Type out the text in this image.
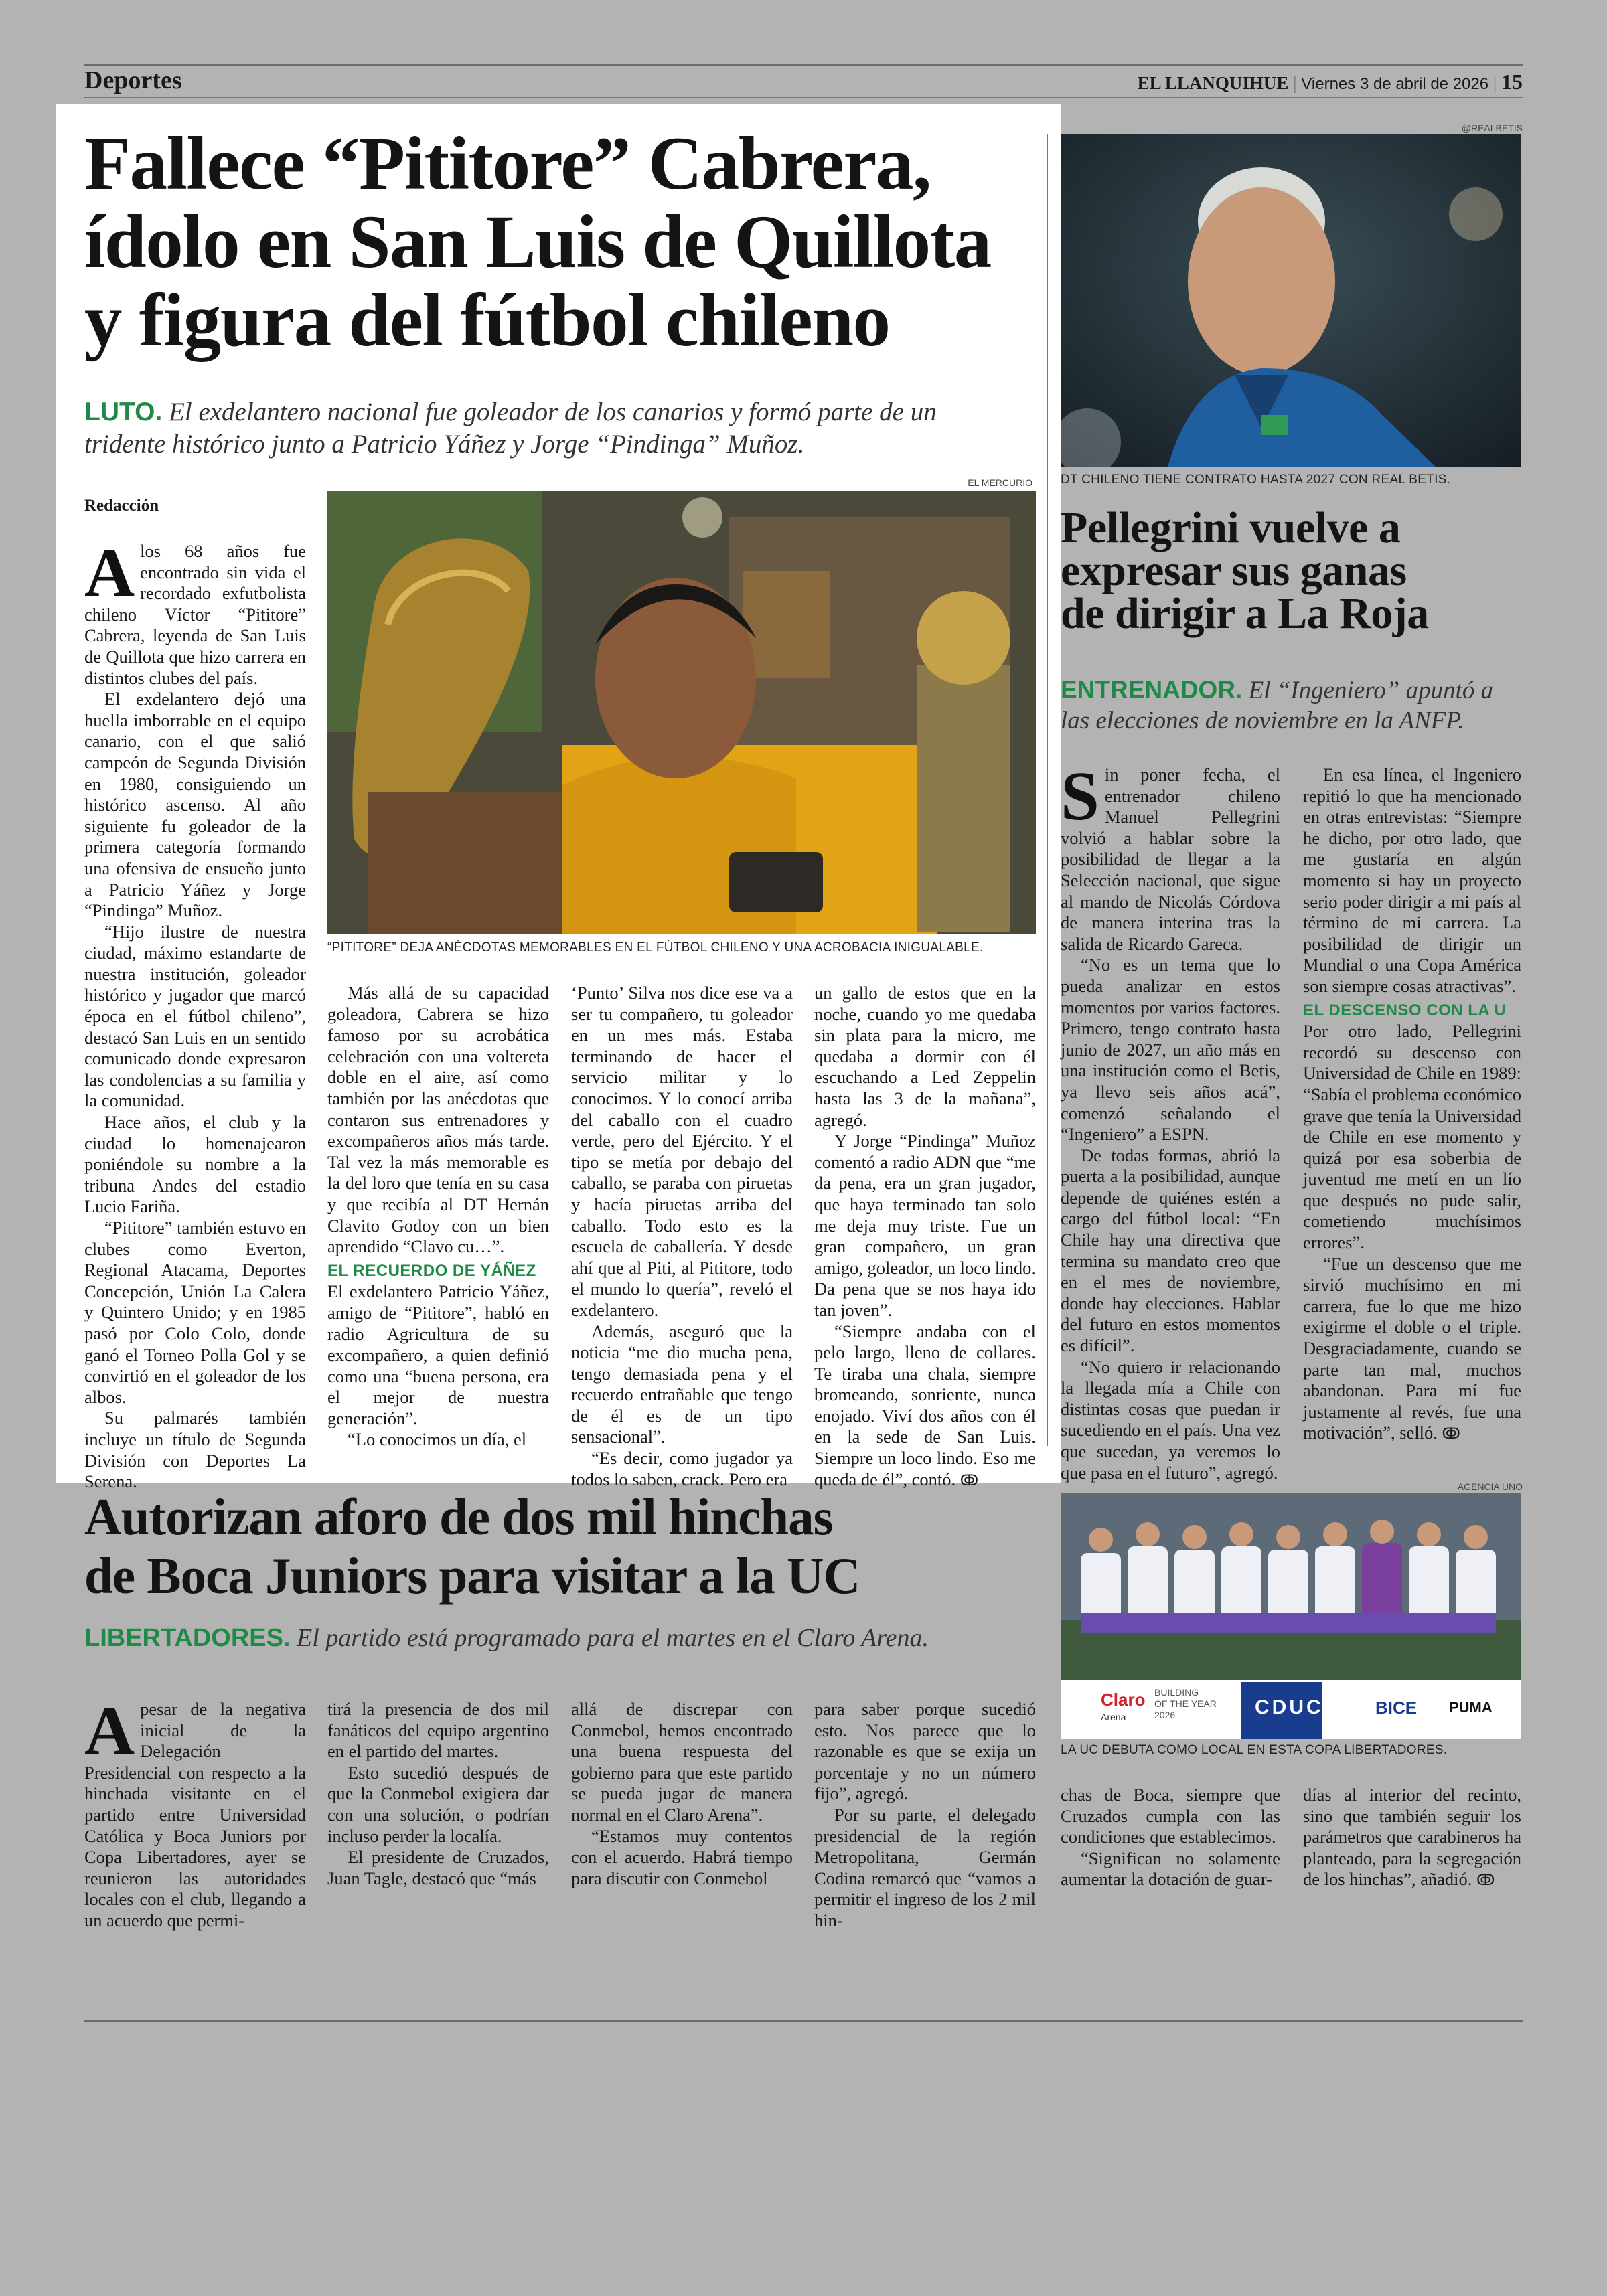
Deportes	EL LLANQUIHUE | Viernes 3 de abril de 2026 | 15
Fallece “Pititore” Cabrera,
ídolo en San Luis de Quillota
y figura del fútbol chileno
LUTO. El exdelantero nacional fue goleador de los canarios y formó parte de un
tridente histórico junto a Patricio Yáñez y Jorge “Pindinga” Muñoz.
Redacción
EL MERCURIO
“PITITORE” DEJA ANÉCDOTAS MEMORABLES EN EL FÚTBOL CHILENO Y UNA ACROBACIA INIGUALABLE.

Alos 68 años fue encontrado sin vida el recordado exfutbolista chileno Víctor “Pititore” Cabrera, leyenda de San Luis de Quillota que hizo carrera en distintos clubes del país.

El exdelantero dejó una huella imborrable en el equipo canario, con el que salió campeón de Segunda División en 1980, consiguiendo un histórico ascenso. Al año siguiente fu goleador de la primera categoría formando una ofensiva de ensueño junto a Patricio Yáñez y Jorge “Pindinga” Muñoz.

“Hijo ilustre de nuestra ciudad, máximo estandarte de nuestra institución, goleador histórico y jugador que marcó época en el fútbol chileno”, destacó San Luis en un sentido comunicado donde expresaron las condolencias a su familia y la comunidad.

Hace años, el club y la ciudad lo homenajearon poniéndole su nombre a la tribuna Andes del estadio Lucio Fariña.

“Pititore” también estuvo en clubes como Everton, Regional Atacama, Deportes Concepción, Unión La Calera y Quintero Unido; y en 1985 pasó por Colo Colo, donde ganó el Torneo Polla Gol y se convirtió en el goleador de los albos.

Su palmarés también incluye un título de Segunda División con Deportes La Serena.

Más allá de su capacidad goleadora, Cabrera se hizo famoso por su acrobática celebración con una voltereta doble en el aire, así como también por las anécdotas que contaron sus entrenadores y excompañeros años más tarde. Tal vez la más memorable es la del loro que tenía en su casa y que recibía al DT Hernán Clavito Godoy con un bien aprendido “Clavo cu…”.

EL RECUERDO DE YÁÑEZ

El exdelantero Patricio Yáñez, amigo de “Pititore”, habló en radio Agricultura de su excompañero, a quien definió como una “buena persona, era el mejor de nuestra generación”.

“Lo conocimos un día, el

‘Punto’ Silva nos dice ese va a ser tu compañero, tu goleador en un mes más. Estaba terminando de hacer el servicio militar y lo conocimos. Y lo conocí arriba del caballo con el cuadro verde, pero del Ejército. Y el tipo se metía por debajo del caballo, se paraba con piruetas y hacía piruetas arriba del caballo. Todo esto es la escuela de caballería. Y desde ahí que al Piti, al Pititore, todo el mundo lo quería”, reveló el exdelantero.

Además, aseguró que la noticia “me dio mucha pena, tengo demasiada pena y el recuerdo entrañable que tengo de él es de un tipo sensacional”.

“Es decir, como jugador ya todos lo saben, crack. Pero era

un gallo de estos que en la noche, cuando yo me quedaba sin plata para la micro, me quedaba a dormir con él escuchando a Led Zeppelin hasta las 3 de la mañana”, agregó.

Y Jorge “Pindinga” Muñoz comentó a radio ADN que “me da pena, era un gran jugador, que haya terminado tan solo me deja muy triste. Fue un gran compañero, un gran amigo, goleador, un loco lindo. Da pena que se nos haya ido tan joven”.

“Siempre andaba con el pelo largo, lleno de collares. Te tiraba una chala, siempre bromeando, sonriente, nunca enojado. Viví dos años con él en la sede de San Luis. Siempre un loco lindo. Eso me queda de él”, contó. ↂ

@REALBETIS
DT CHILENO TIENE CONTRATO HASTA 2027 CON REAL BETIS.
Pellegrini vuelve a
expresar sus ganas
de dirigir a La Roja
ENTRENADOR. El “Ingeniero” apuntó a
las elecciones de noviembre en la ANFP.

Sin poner fecha, el entrenador chileno Manuel Pellegrini volvió a hablar sobre la posibilidad de llegar a la Selección nacional, que sigue al mando de Nicolás Córdova de manera interina tras la salida de Ricardo Gareca.

“No es un tema que lo pueda analizar en estos momentos por varios factores. Primero, tengo contrato hasta junio de 2027, un año más en una institución como el Betis, ya llevo seis años acá”, comenzó señalando el “Ingeniero” a ESPN.

De todas formas, abrió la puerta a la posibilidad, aunque depende de quiénes estén a cargo del fútbol local: “En Chile hay una directiva que termina su mandato creo que en el mes de noviembre, donde hay elecciones. Hablar del futuro en estos momentos es difícil”.

“No quiero ir relacionando la llegada mía a Chile con distintas cosas que puedan ir sucediendo en el país. Una vez que sucedan, ya veremos lo que pasa en el futuro”, agregó.

En esa línea, el Ingeniero repitió lo que ha mencionado en otras entrevistas: “Siempre he dicho, por otro lado, que me gustaría en algún momento si hay un proyecto serio poder dirigir a mi país al término de mi carrera. La posibilidad de dirigir un Mundial o una Copa América son siempre cosas atractivas”.

EL DESCENSO CON LA U

Por otro lado, Pellegrini recordó su descenso con Universidad de Chile en 1989: “Sabía el problema económico grave que tenía la Universidad de Chile en ese momento y quizá por esa soberbia de juventud me metí en un lío que después no pude salir, cometiendo muchísimos errores”.

“Fue un descenso que me sirvió muchísimo en mi carrera, fue lo que me hizo exigirme el doble o el triple. Desgraciadamente, cuando se parte tan mal, muchos abandonan. Para mí fue justamente al revés, fue una motivación”, selló. ↂ

Autorizan aforo de dos mil hinchas
de Boca Juniors para visitar a la UC
LIBERTADORES. El partido está programado para el martes en el Claro Arena.
AGENCIA UNO
Claro
Arena
BUILDING
OF THE YEAR
2026	CDUC	BICE PUMA
LA UC DEBUTA COMO LOCAL EN ESTA COPA LIBERTADORES.

Apesar de la negativa inicial de la Delegación Presidencial con respecto a la hinchada visitante en el partido entre Universidad Católica y Boca Juniors por Copa Libertadores, ayer se reunieron las autoridades locales con el club, llegando a un acuerdo que permi-

tirá la presencia de dos mil fanáticos del equipo argentino en el partido del martes.

Esto sucedió después de que la Conmebol exigiera dar con una solución, o podrían incluso perder la localía.

El presidente de Cruzados, Juan Tagle, destacó que “más

allá de discrepar con Conmebol, hemos encontrado una buena respuesta del gobierno para que este partido se pueda jugar de manera normal en el Claro Arena”.

“Estamos muy contentos con el acuerdo. Habrá tiempo para discutir con Conmebol

para saber porque sucedió esto. Nos parece que lo razonable es que se exija un porcentaje y no un número fijo”, agregó.

Por su parte, el delegado presidencial de la región Metropolitana, Germán Codina remarcó que “vamos a permitir el ingreso de los 2 mil hin-

chas de Boca, siempre que Cruzados cumpla con las condiciones que establecimos.

“Significan no solamente aumentar la dotación de guar-

días al interior del recinto, sino que también seguir los parámetros que carabineros ha planteado, para la segregación de los hinchas”, añadió. ↂ
